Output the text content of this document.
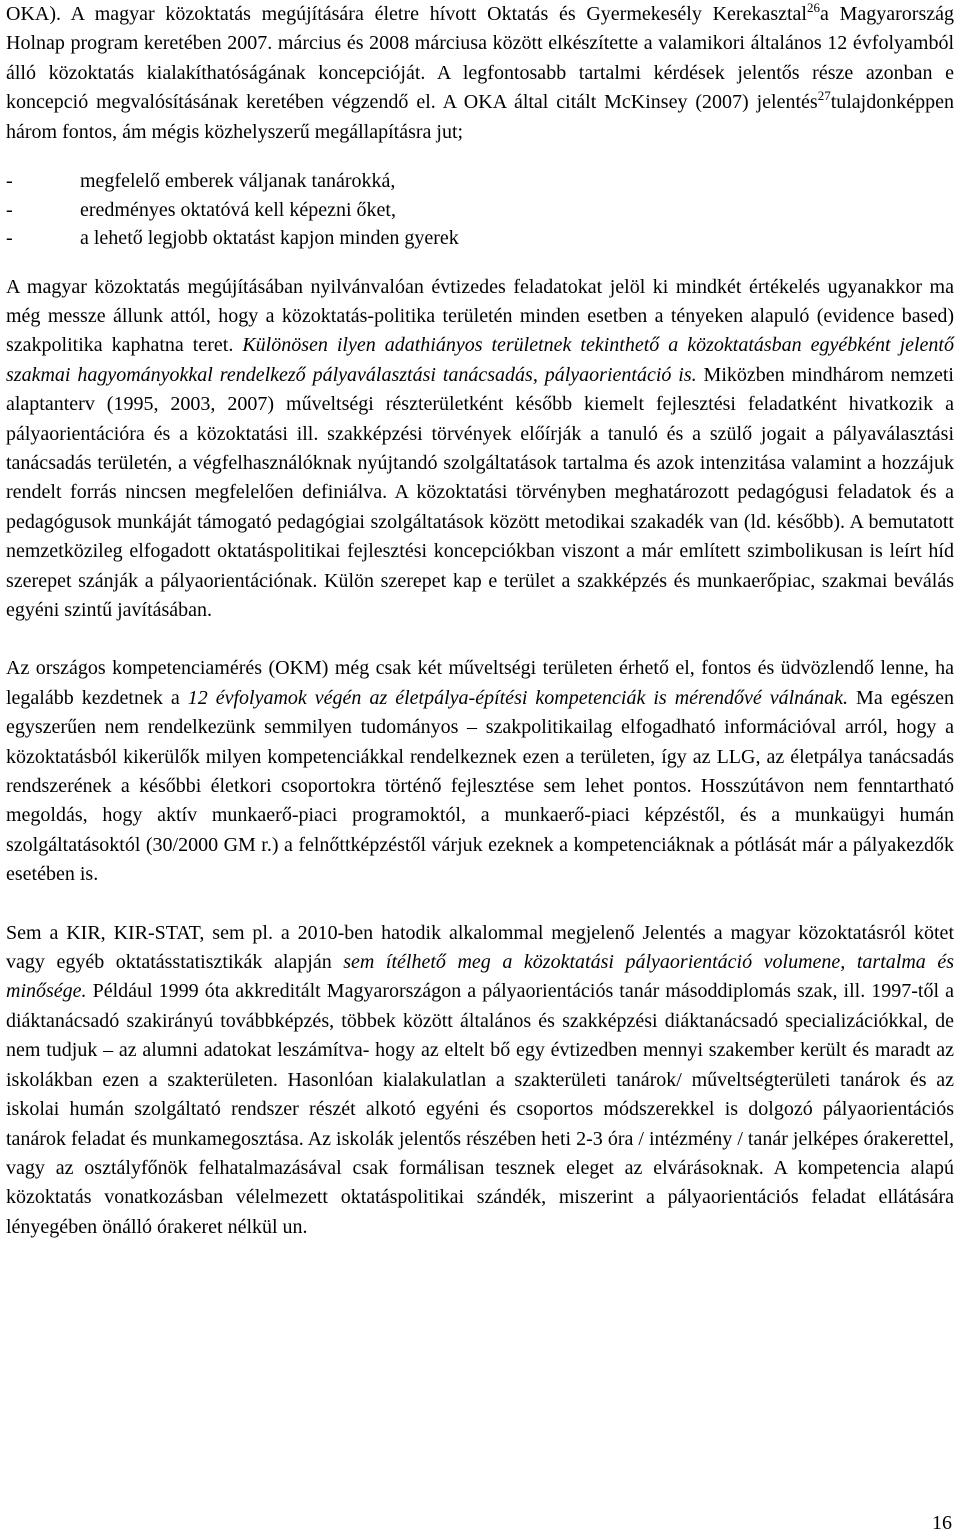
OKA). A magyar közoktatás megújítására életre hívott Oktatás és Gyermekesély Kerekasztal$^{26}$a Magyarország Holnap program keretében 2007. március és 2008 márciusa között elkészítette a valamikori általános 12 évfolyamból álló közoktatás kialakíthatóságának koncepcióját. A legfontosabb tartalmi kérdések jelentős része azonban e koncepció megvalósításának keretében végzendő el. A OKA által citált McKinsey (2007) jelentés$^{27}$tulajdonképpen három fontos, ám mégis közhelyszerű megállapításra jut;

-	megfelelő emberek váljanak tanárokká,
-	eredményes oktatóvá kell képezni őket,
-	a lehető legjobb oktatást kapjon minden gyerek

A magyar közoktatás megújításában nyilvánvalóan évtizedes feladatokat jelöl ki mindkét értékelés ugyanakkor ma még messze állunk attól, hogy a közoktatás-politika területén minden esetben a tényeken alapuló (evidence based) szakpolitika kaphatna teret. Különösen ilyen adathiányos területnek tekinthető a közoktatásban egyébként jelentő szakmai hagyományokkal rendelkező pályaválasztási tanácsadás, pályaorientáció is. Miközben mindhárom nemzeti alaptanterv (1995, 2003, 2007) műveltségi részterületként később kiemelt fejlesztési feladatként hivatkozik a pályaorientációra és a közoktatási ill. szakképzési törvények előírják a tanuló és a szülő jogait a pályaválasztási tanácsadás területén, a végfelhasználóknak nyújtandó szolgáltatások tartalma és azok intenzitása valamint a hozzájuk rendelt forrás nincsen megfelelően definiálva. A közoktatási törvényben meghatározott pedagógusi feladatok és a pedagógusok munkáját támogató pedagógiai szolgáltatások között metodikai szakadék van (ld. később). A bemutatott nemzetközileg elfogadott oktatáspolitikai fejlesztési koncepciókban viszont a már említett szimbolikusan is leírt híd szerepet szánják a pályaorientációnak. Külön szerepet kap e terület a szakképzés és munkaerőpiac, szakmai beválás egyéni szintű javításában.

Az országos kompetenciamérés (OKM) még csak két műveltségi területen érhető el, fontos és üdvözlendő lenne, ha legalább kezdetnek a 12 évfolyamok végén az életpálya-építési kompetenciák is mérendővé válnának. Ma egészen egyszerűen nem rendelkezünk semmilyen tudományos – szakpolitikailag elfogadható információval arról, hogy a közoktatásból kikerülők milyen kompetenciákkal rendelkeznek ezen a területen, így az LLG, az életpálya tanácsadás rendszerének a későbbi életkori csoportokra történő fejlesztése sem lehet pontos. Hosszútávon nem fenntartható megoldás, hogy aktív munkaerő-piaci programoktól, a munkaerő-piaci képzéstől, és a munkaügyi humán szolgáltatásoktól (30/2000 GM r.) a felnőttképzéstől várjuk ezeknek a kompetenciáknak a pótlását már a pályakezdők esetében is.

Sem a KIR, KIR-STAT, sem pl. a 2010-ben hatodik alkalommal megjelenő Jelentés a magyar közoktatásról kötet vagy egyéb oktatásstatisztikák alapján sem ítélhető meg a közoktatási pályaorientáció volumene, tartalma és minősége. Például 1999 óta akkreditált Magyarországon a pályaorientációs tanár másoddiplomás szak, ill. 1997-től a diáktanácsadó szakirányú továbbképzés, többek között általános és szakképzési diáktanácsadó specializációkkal, de nem tudjuk – az alumni adatokat leszámítva- hogy az eltelt bő egy évtizedben mennyi szakember került és maradt az iskolákban ezen a szakterületen. Hasonlóan kialakulatlan a szakterületi tanárok/ műveltségterületi tanárok és az iskolai humán szolgáltató rendszer részét alkotó egyéni és csoportos módszerekkel is dolgozó pályaorientációs tanárok feladat és munkamegosztása. Az iskolák jelentős részében heti 2-3 óra / intézmény / tanár jelképes órakerettel, vagy az osztályfőnök felhatalmazásával csak formálisan tesznek eleget az elvárásoknak. A kompetencia alapú közoktatás vonatkozásban vélelmezett oktatáspolitikai szándék, miszerint a pályaorientációs feladat ellátására lényegében önálló órakeret nélkül un.

16
